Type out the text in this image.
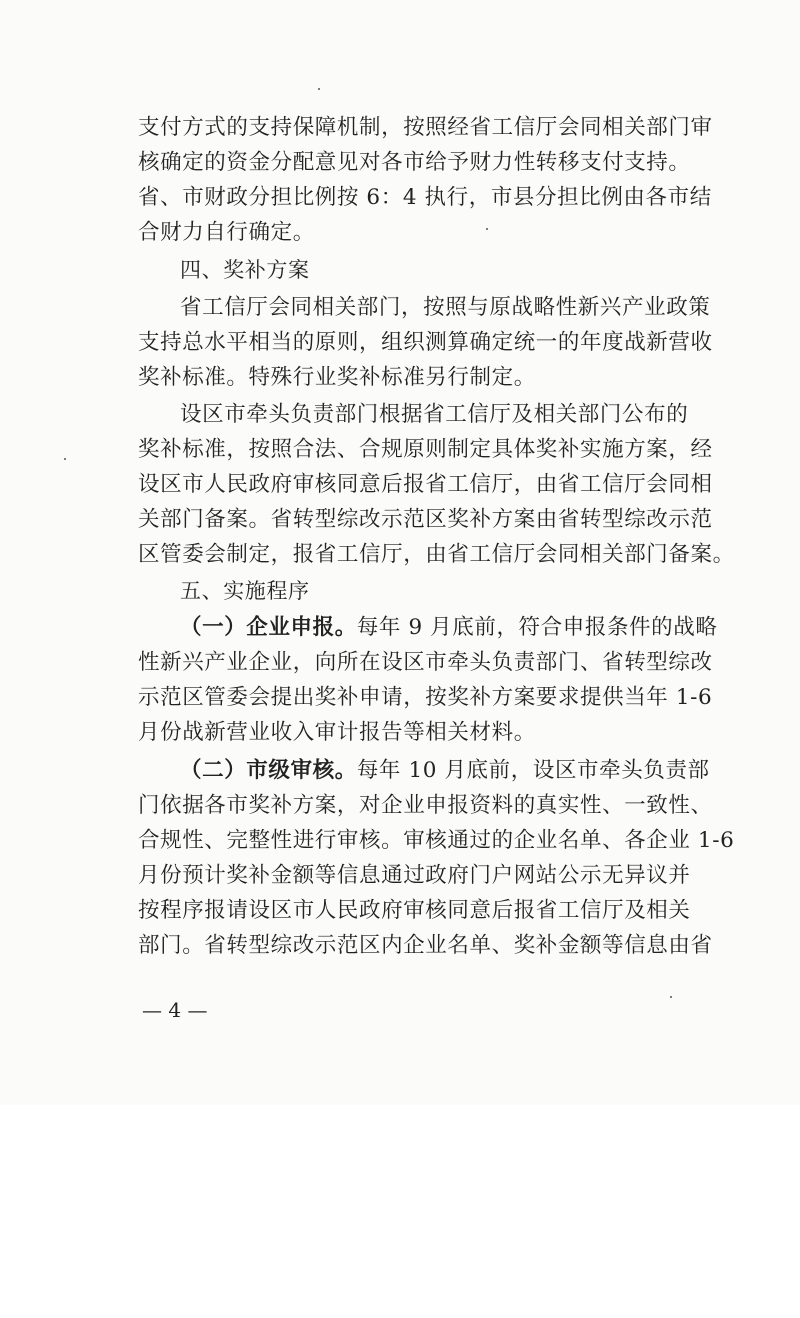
支付方式的支持保障机制，按照经省工信厅会同相关部门审
核确定的资金分配意见对各市给予财力性转移支付支持。
省、市财政分担比例按 6：4 执行，市县分担比例由各市结
合财力自行确定。
四、奖补方案
省工信厅会同相关部门，按照与原战略性新兴产业政策
支持总水平相当的原则，组织测算确定统一的年度战新营收
奖补标准。特殊行业奖补标准另行制定。
设区市牵头负责部门根据省工信厅及相关部门公布的
奖补标准，按照合法、合规原则制定具体奖补实施方案，经
设区市人民政府审核同意后报省工信厅，由省工信厅会同相
关部门备案。省转型综改示范区奖补方案由省转型综改示范
区管委会制定，报省工信厅，由省工信厅会同相关部门备案。
五、实施程序
（一）企业申报。每年 9 月底前，符合申报条件的战略
性新兴产业企业，向所在设区市牵头负责部门、省转型综改
示范区管委会提出奖补申请，按奖补方案要求提供当年 1-6
月份战新营业收入审计报告等相关材料。
（二）市级审核。每年 10 月底前，设区市牵头负责部
门依据各市奖补方案，对企业申报资料的真实性、一致性、
合规性、完整性进行审核。审核通过的企业名单、各企业 1-6
月份预计奖补金额等信息通过政府门户网站公示无异议并
按程序报请设区市人民政府审核同意后报省工信厅及相关
部门。省转型综改示范区内企业名单、奖补金额等信息由省
— 4 —
